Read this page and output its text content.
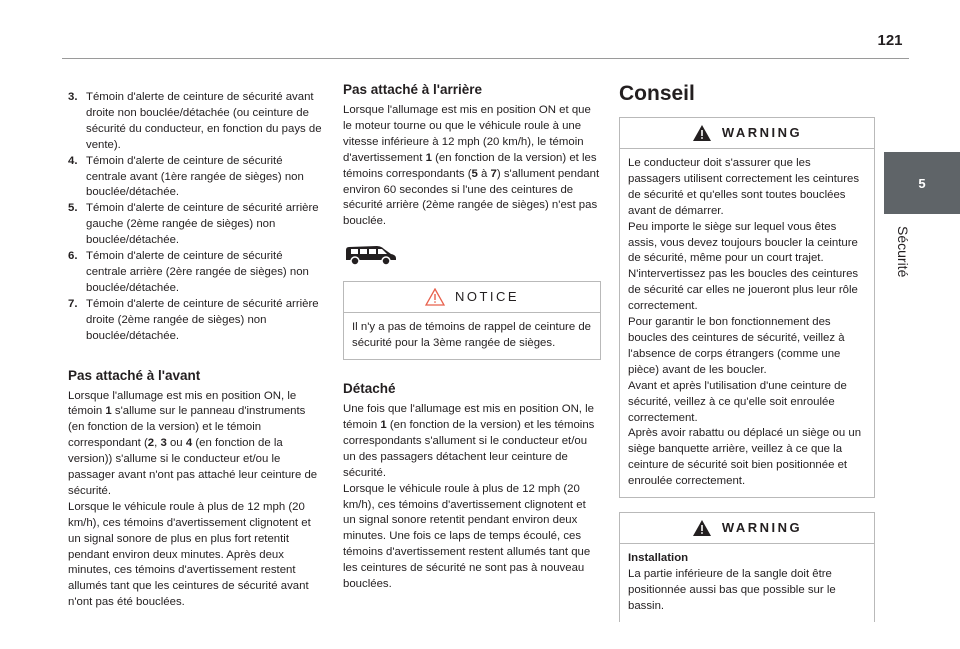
121
5
Sécurité
3. Témoin d'alerte de ceinture de sécurité avant droite non bouclée/détachée (ou ceinture de sécurité du conducteur, en fonction du pays de vente).
4. Témoin d'alerte de ceinture de sécurité centrale avant (1ère rangée de sièges) non bouclée/détachée.
5. Témoin d'alerte de ceinture de sécurité arrière gauche (2ème rangée de sièges) non bouclée/détachée.
6. Témoin d'alerte de ceinture de sécurité centrale arrière (2ère rangée de sièges) non bouclée/détachée.
7. Témoin d'alerte de ceinture de sécurité arrière droite (2ème rangée de sièges) non bouclée/détachée.
Pas attaché à l'avant

Lorsque l'allumage est mis en position ON, le témoin 1 s'allume sur le panneau d'instruments (en fonction de la version) et le témoin correspondant (2, 3 ou 4 (en fonction de la version)) s'allume si le conducteur et/ou le passager avant n'ont pas attaché leur ceinture de sécurité.

Lorsque le véhicule roule à plus de 12 mph (20 km/h), ces témoins d'avertissement clignotent et un signal sonore de plus en plus fort retentit pendant environ deux minutes. Après deux minutes, ces témoins d'avertissement restent allumés tant que les ceintures de sécurité avant n'ont pas été bouclées.

Pas attaché à l'arrière

Lorsque l'allumage est mis en position ON et que le moteur tourne ou que le véhicule roule à une vitesse inférieure à 12 mph (20 km/h), le témoin d'avertissement 1 (en fonction de la version) et les témoins correspondants (5 à 7) s'allument pendant environ 60 secondes si l'une des ceintures de sécurité arrière (2ème rangée de sièges) n'est pas bouclée.

NOTICE

Il n'y a pas de témoins de rappel de ceinture de sécurité pour la 3ème rangée de sièges.

Détaché

Une fois que l'allumage est mis en position ON, le témoin 1 (en fonction de la version) et les témoins correspondants s'allument si le conducteur et/ou un des passagers détachent leur ceinture de sécurité.

Lorsque le véhicule roule à plus de 12 mph (20 km/h), ces témoins d'avertissement clignotent et un signal sonore retentit pendant environ deux minutes. Une fois ce laps de temps écoulé, ces témoins d'avertissement restent allumés tant que les ceintures de sécurité ne sont pas à nouveau bouclées.

Conseil
WARNING

Le conducteur doit s'assurer que les passagers utilisent correctement les ceintures de sécurité et qu'elles sont toutes bouclées avant de démarrer.

Peu importe le siège sur lequel vous êtes assis, vous devez toujours boucler la ceinture de sécurité, même pour un court trajet.

N'intervertissez pas les boucles des ceintures de sécurité car elles ne joueront plus leur rôle correctement.

Pour garantir le bon fonctionnement des boucles des ceintures de sécurité, veillez à l'absence de corps étrangers (comme une pièce) avant de les boucler.

Avant et après l'utilisation d'une ceinture de sécurité, veillez à ce qu'elle soit enroulée correctement.

Après avoir rabattu ou déplacé un siège ou un siège banquette arrière, veillez à ce que la ceinture de sécurité soit bien positionnée et enroulée correctement.

WARNING

Installation

La partie inférieure de la sangle doit être positionnée aussi bas que possible sur le bassin.
